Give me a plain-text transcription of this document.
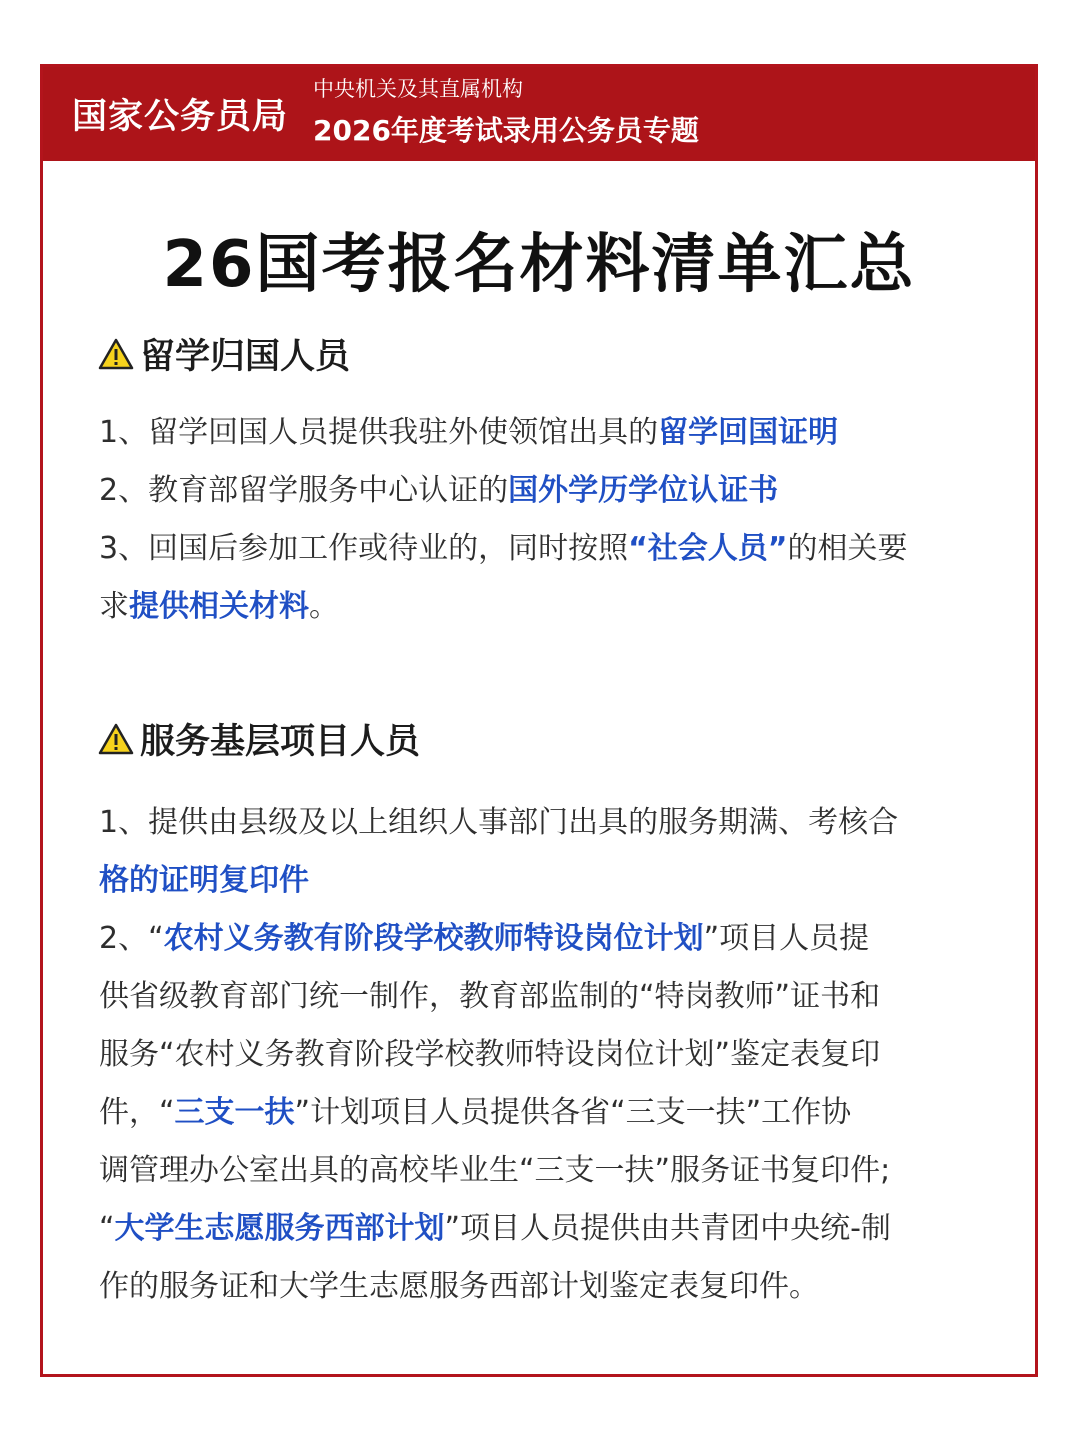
国家公务员局
中央机关及其直属机构
2026年度考试录用公务员专题
26国考报名材料清单汇总
留学归国人员
1、留学回国人员提供我驻外使领馆出具的留学回国证明
2、教育部留学服务中心认证的国外学历学位认证书
3、回国后参加工作或待业的，同时按照“社会人员”的相关要
求提供相关材料。
服务基层项目人员
1、提供由县级及以上组织人事部门出具的服务期满、考核合
格的证明复印件
2、“农村义务教有阶段学校教师特设岗位计划”项目人员提
供省级教育部门统一制作，教育部监制的“特岗教师”证书和
服务“农村义务教育阶段学校教师特设岗位计划”鉴定表复印
件，“三支一扶”计划项目人员提供各省“三支一扶”工作协
调管理办公室出具的高校毕业生“三支一扶”服务证书复印件;
“大学生志愿服务西部计划”项目人员提供由共青团中央统-制
作的服务证和大学生志愿服务西部计划鉴定表复印件。
